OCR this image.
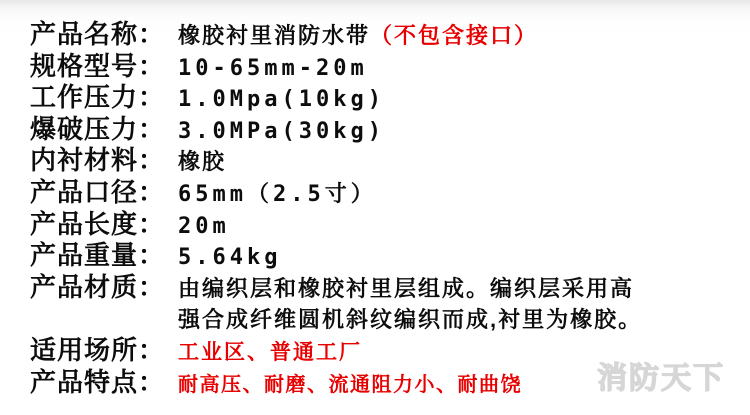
产品名称： 橡胶衬里消防水带（不包含接口）
规格型号： 10-65mm-20m
工作压力： 1.0Mpa(10kg)
爆破压力： 3.0MPa(30kg)
内衬材料： 橡胶
产品口径： 65mm（2.5寸）
产品长度： 20m
产品重量： 5.64kg
产品材质： 由编织层和橡胶衬里层组成。编织层采用高
强合成纤维圆机斜纹编织而成,衬里为橡胶。
适用场所： 工业区、普通工厂
产品特点： 耐高压、耐磨、流通阻力小、耐曲饶	消防天下
